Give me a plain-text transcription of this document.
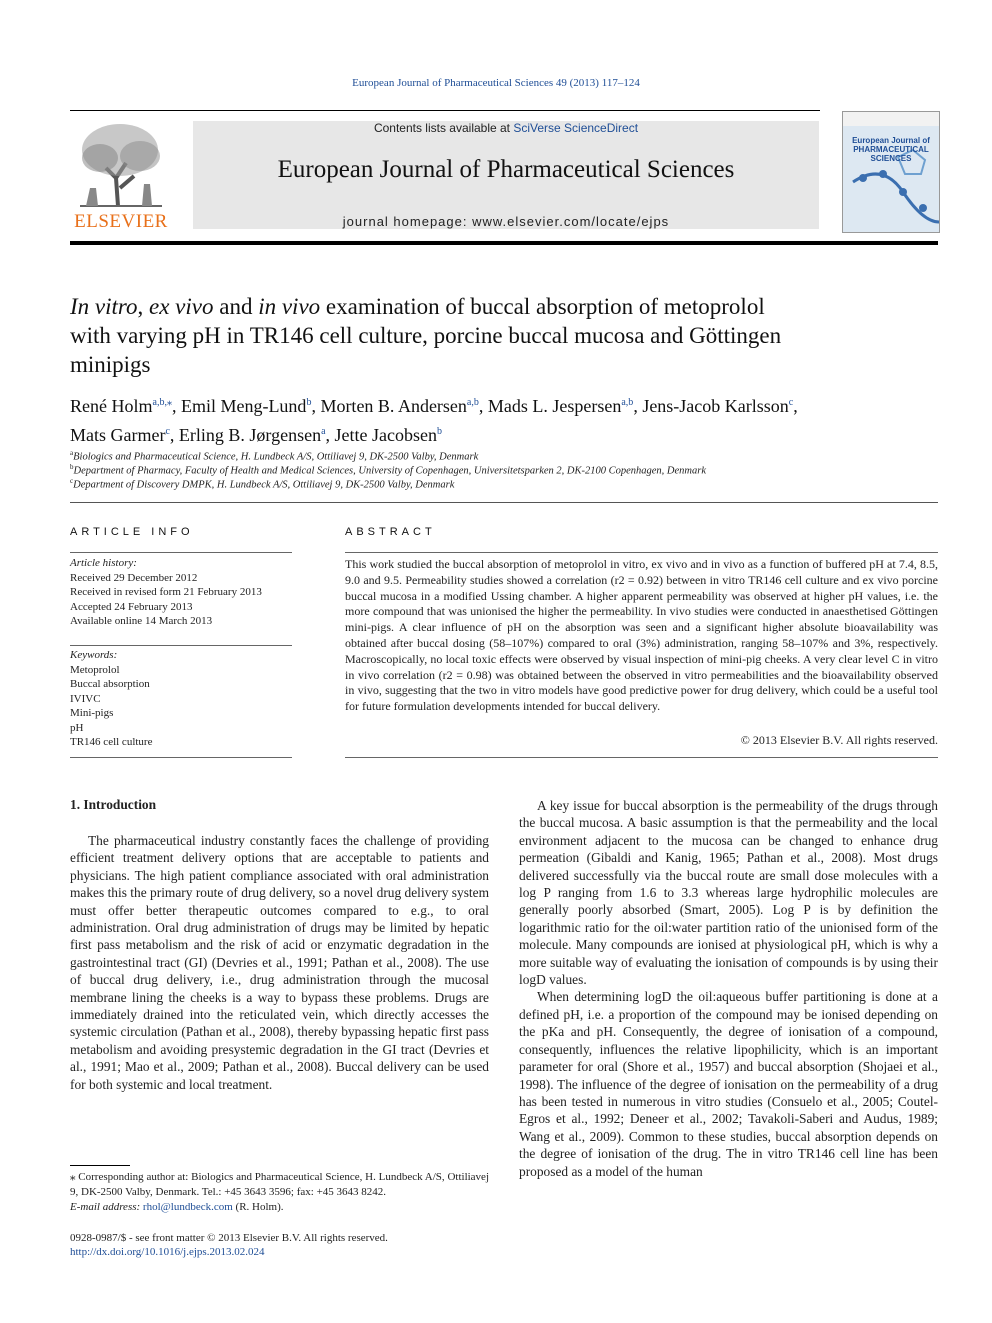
European Journal of Pharmaceutical Sciences 49 (2013) 117–124
ELSEVIER
Contents lists available at SciVerse ScienceDirect
European Journal of Pharmaceutical Sciences
journal homepage: www.elsevier.com/locate/ejps
European Journal of PHARMACEUTICAL SCIENCES
In vitro, ex vivo and in vivo examination of buccal absorption of metoprolol
with varying pH in TR146 cell culture, porcine buccal mucosa and Göttingen
minipigs
René Holm$^{a,b,⁎}$, Emil Meng-Lund$^b$, Morten B. Andersen$^{a,b}$, Mads L. Jespersen$^{a,b}$, Jens-Jacob Karlsson$^c$,
Mats Garmer$^c$, Erling B. Jørgensen$^a$, Jette Jacobsen$^b$
$^a$Biologics and Pharmaceutical Science, H. Lundbeck A/S, Ottiliavej 9, DK-2500 Valby, Denmark
$^b$Department of Pharmacy, Faculty of Health and Medical Sciences, University of Copenhagen, Universitetsparken 2, DK-2100 Copenhagen, Denmark
$^c$Department of Discovery DMPK, H. Lundbeck A/S, Ottiliavej 9, DK-2500 Valby, Denmark
ARTICLE INFO	ABSTRACT
Article history:
Received 29 December 2012
Received in revised form 21 February 2013
Accepted 24 February 2013
Available online 14 March 2013
Keywords:
Metoprolol
Buccal absorption
IVIVC
Mini-pigs
pH
TR146 cell culture
This work studied the buccal absorption of metoprolol in vitro, ex vivo and in vivo as a function of buffered pH at 7.4, 8.5, 9.0 and 9.5. Permeability studies showed a correlation (r2 = 0.92) between in vitro TR146 cell culture and ex vivo porcine buccal mucosa in a modified Ussing chamber. A higher apparent permeability was observed at higher pH values, i.e. the more compound that was unionised the higher the permeability. In vivo studies were conducted in anaesthetised Göttingen mini-pigs. A clear influence of pH on the absorption was seen and a significant higher absolute bioavailability was obtained after buccal dosing (58–107%) compared to oral (3%) administration, ranging 58–107% and 3%, respectively. Macroscopically, no local toxic effects were observed by visual inspection of mini-pig cheeks. A very clear level C in vitro in vivo correlation (r2 = 0.98) was obtained between the observed in vitro permeabilities and the bioavailability observed in vivo, suggesting that the two in vitro models have good predictive power for drug delivery, which could be a useful tool for future formulation developments intended for buccal delivery.
© 2013 Elsevier B.V. All rights reserved.
1. Introduction

The pharmaceutical industry constantly faces the challenge of providing efficient treatment delivery options that are acceptable to patients and physicians. The high patient compliance associated with oral administration makes this the primary route of drug delivery, so a novel drug delivery system must offer better therapeutic outcomes compared to e.g., to oral administration. Oral drug administration of drugs may be limited by hepatic first pass metabolism and the risk of acid or enzymatic degradation in the gastrointestinal tract (GI) (Devries et al., 1991; Pathan et al., 2008). The use of buccal drug delivery, i.e., drug administration through the mucosal membrane lining the cheeks is a way to bypass these problems. Drugs are immediately drained into the reticulated vein, which directly accesses the systemic circulation (Pathan et al., 2008), thereby bypassing hepatic first pass metabolism and avoiding presystemic degradation in the GI tract (Devries et al., 1991; Mao et al., 2009; Pathan et al., 2008). Buccal delivery can be used for both systemic and local treatment.

A key issue for buccal absorption is the permeability of the drugs through the buccal mucosa. A basic assumption is that the permeability and the local environment adjacent to the mucosa can be changed to enhance drug permeation (Gibaldi and Kanig, 1965; Pathan et al., 2008). Most drugs delivered successfully via the buccal route are small dose molecules with a log P ranging from 1.6 to 3.3 whereas large hydrophilic molecules are generally poorly absorbed (Smart, 2005). Log P is by definition the logarithmic ratio for the oil:water partition ratio of the unionised form of the molecule. Many compounds are ionised at physiological pH, which is why a more suitable way of evaluating the ionisation of compounds is by using their logD values.

When determining logD the oil:aqueous buffer partitioning is done at a defined pH, i.e. a proportion of the compound may be ionised depending on the pKa and pH. Consequently, the degree of ionisation of a compound, consequently, influences the relative lipophilicity, which is an important parameter for oral (Shore et al., 1957) and buccal absorption (Shojaei et al., 1998). The influence of the degree of ionisation on the permeability of a drug has been tested in numerous in vitro studies (Consuelo et al., 2005; Coutel-Egros et al., 1992; Deneer et al., 2002; Tavakoli-Saberi and Audus, 1989; Wang et al., 2009). Common to these studies, buccal absorption depends on the degree of ionisation of the drug. The in vitro TR146 cell line has been proposed as a model of the human

⁎ Corresponding author at: Biologics and Pharmaceutical Science, H. Lundbeck A/S, Ottiliavej 9, DK-2500 Valby, Denmark. Tel.: +45 3643 3596; fax: +45 3643 8242.
E-mail address: rhol@lundbeck.com (R. Holm).
0928-0987/$ - see front matter © 2013 Elsevier B.V. All rights reserved.
http://dx.doi.org/10.1016/j.ejps.2013.02.024
